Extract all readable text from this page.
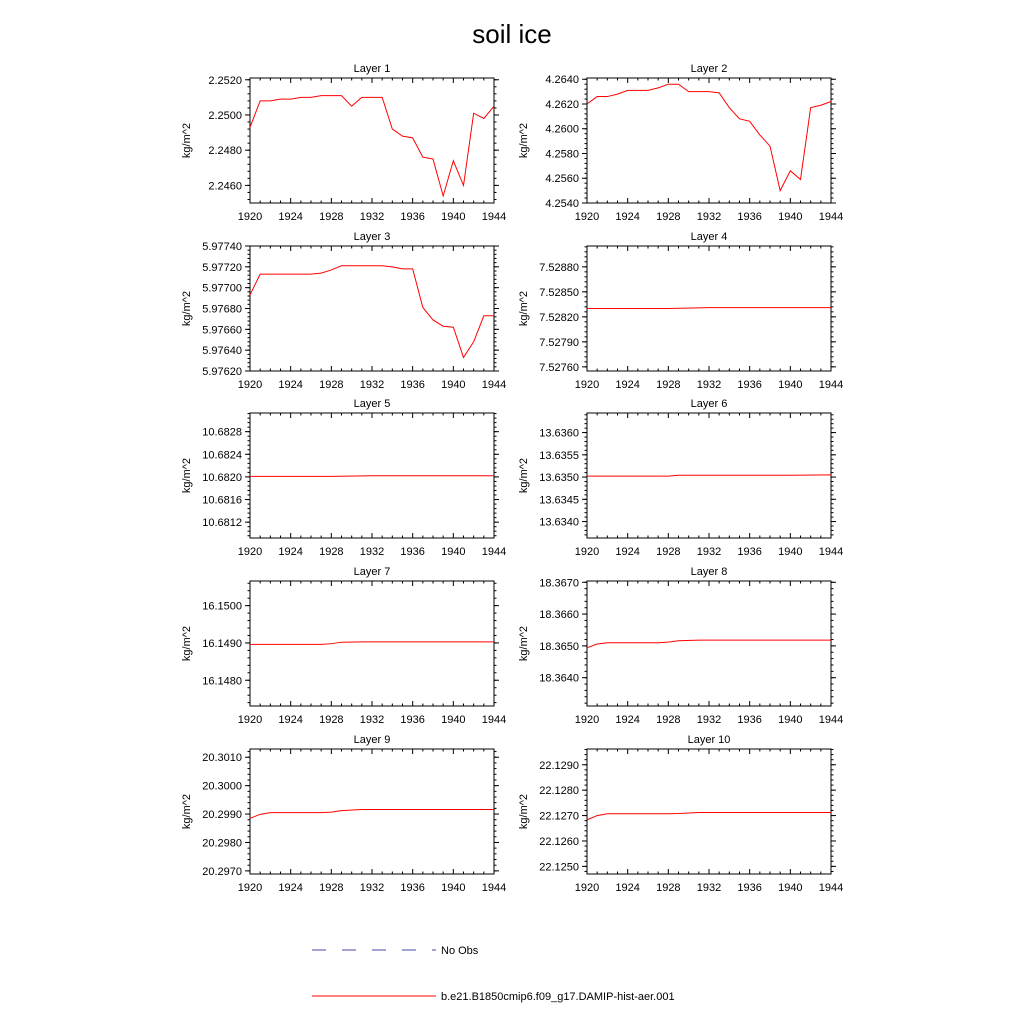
soil ice
Layer 1
kg/m^2
1920 1924 1928 1932 1936 1940 1944
2.2460
2.2480
2.2500
2.2520
Layer 2
kg/m^2
1920 1924 1928 1932 1936 1940 1944
4.2540
4.2560
4.2580
4.2600
4.2620
4.2640
Layer 3
kg/m^2
1920 1924 1928 1932 1936 1940 1944
5.97620
5.97640
5.97660
5.97680
5.97700
5.97720
5.97740
Layer 4
kg/m^2
1920 1924 1928 1932 1936 1940 1944
7.52760
7.52790
7.52820
7.52850
7.52880
Layer 5
kg/m^2
1920 1924 1928 1932 1936 1940 1944
10.6812
10.6816
10.6820
10.6824
10.6828
Layer 6
kg/m^2
1920 1924 1928 1932 1936 1940 1944
13.6340
13.6345
13.6350
13.6355
13.6360
Layer 7
kg/m^2
1920 1924 1928 1932 1936 1940 1944
16.1480
16.1490
16.1500
Layer 8
kg/m^2
1920 1924 1928 1932 1936 1940 1944
18.3640
18.3650
18.3660
18.3670
Layer 9
kg/m^2
1920 1924 1928 1932 1936 1940 1944
20.2970
20.2980
20.2990
20.3000
20.3010
Layer 10
kg/m^2
1920 1924 1928 1932 1936 1940 1944
22.1250
22.1260
22.1270
22.1280
22.1290
No Obs
b.e21.B1850cmip6.f09_g17.DAMIP-hist-aer.001
